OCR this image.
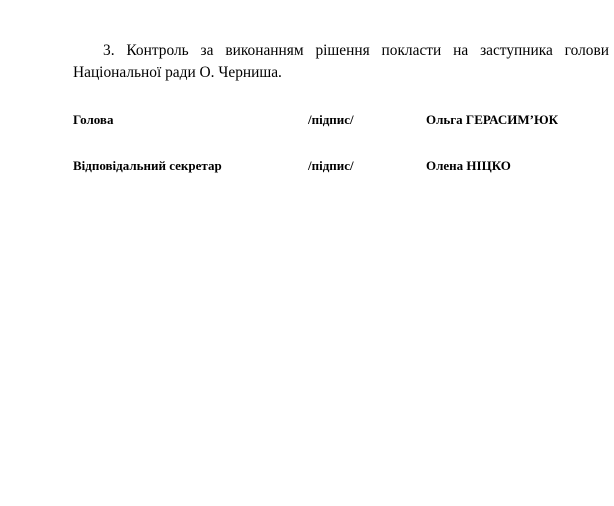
3. Контроль за виконанням рішення покласти на заступника голови Національної ради О. Черниша.

Голова	/підпис/	Ольга ГЕРАСИМ’ЮК
Відповідальний секретар	/підпис/	Олена НІЦКО
